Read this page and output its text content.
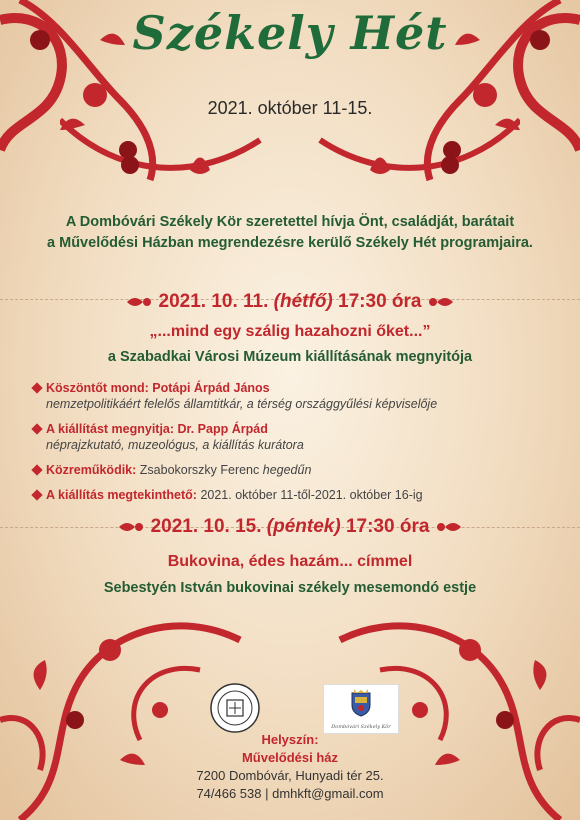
Székely Hét
2021. október 11-15.
A Dombóvári Székely Kör szeretettel hívja Önt, családját, barátait
a Művelődési Házban megrendezésre kerülő Székely Hét programjaira.
2021. 10. 11. (hétfő) 17:30 óra
„...mind egy szálig hazahozni őket...”
a Szabadkai Városi Múzeum kiállításának megnyitója
Köszöntőt mond: Potápi Árpád János
nemzetpolitikáért felelős államtitkár, a térség országgyűlési képviselője
A kiállítást megnyitja: Dr. Papp Árpád
néprajzkutató, muzeológus, a kiállítás kurátora
Közreműködik: Zsabokorszky Ferenc hegedűn
A kiállítás megtekinthető: 2021. október 11-től-2021. október 16-ig
2021. 10. 15. (péntek) 17:30 óra
Bukovina, édes hazám... címmel
Sebestyén István bukovinai székely mesemondó estje
Dombóvári Székely Kör
Helyszín:
Művelődési ház
7200 Dombóvár, Hunyadi tér 25.
74/466 538 | dmhkft@gmail.com
